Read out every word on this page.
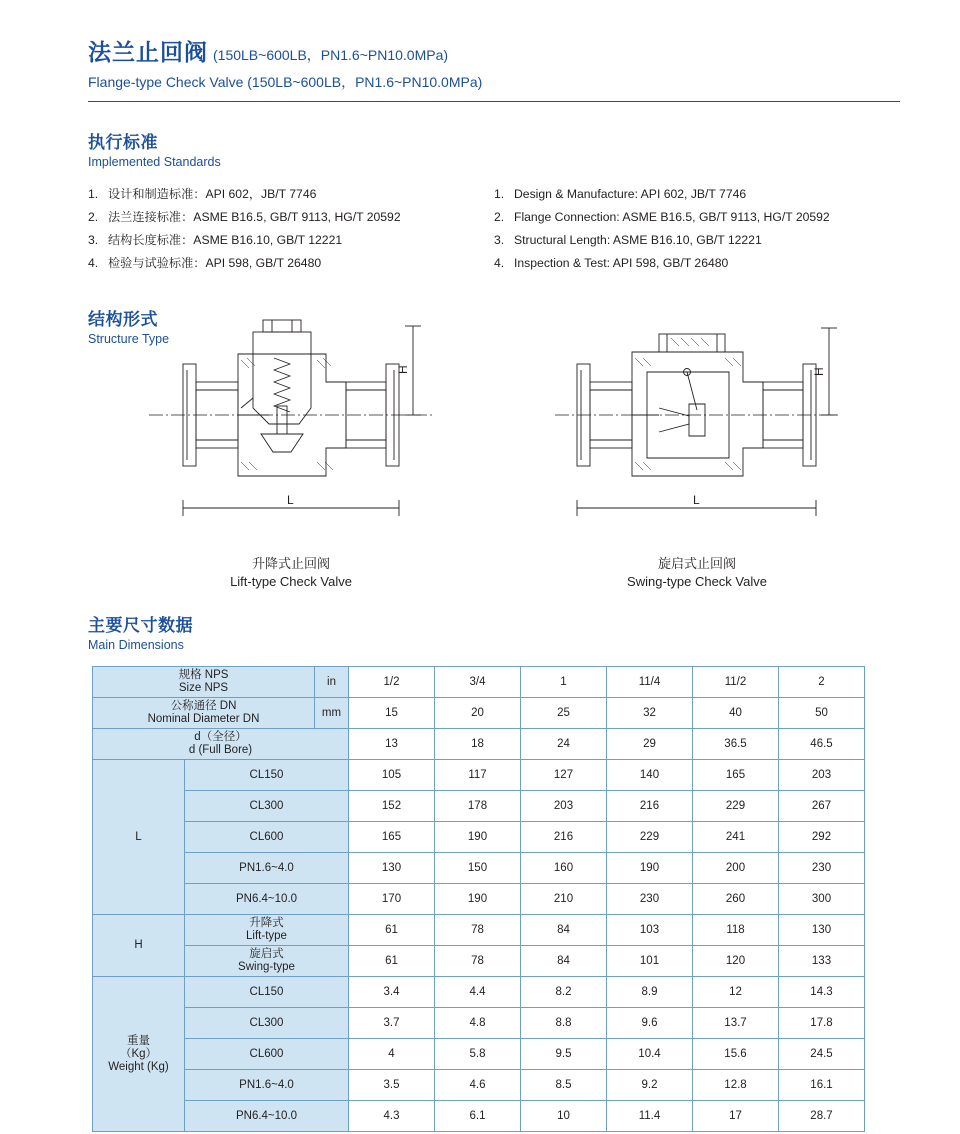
法兰止回阀 (150LB~600LB，PN1.6~PN10.0MPa)
Flange-type Check Valve (150LB~600LB，PN1.6~PN10.0MPa)
执行标准
Implemented Standards
1. 设计和制造标准：API 602，JB/T 7746
2. 法兰连接标准：ASME B16.5, GB/T 9113, HG/T 20592
3. 结构长度标准：ASME B16.10, GB/T 12221
4. 检验与试验标准：API 598, GB/T 26480
1. Design & Manufacture: API 602, JB/T 7746
2. Flange Connection: ASME B16.5, GB/T 9113, HG/T 20592
3. Structural Length: ASME B16.10, GB/T 12221
4. Inspection & Test: API 598, GB/T 26480
结构形式
Structure Type
H
L
升降式止回阀
Lift-type Check Valve
H
L
旋启式止回阀
Swing-type Check Valve
主要尺寸数据
Main Dimensions
规格 NPS
Size NPS		in	1/2	3/4	1	11/4	11/2	2

公称通径 DN
Nominal Diameter DN		mm	15	20	25	32	40	50

d（全径）
d (Full Bore)			13	18	24	29	36.5	46.5
L	CL150		105	117	127	140	165	203
	CL300		152	178	203	216	229	267
	CL600		165	190	216	229	241	292
	PN1.6~4.0		130	150	160	190	200	230
	PN6.4~10.0		170	190	210	230	260	300
H	升降式
Lift-type		61	78	84	103	118	130

	旋启式
Swing-type		61	78	84	101	120	133

重量
（Kg）
Weight (Kg)	CL150		3.4	4.4	8.2	8.9	12	14.3
	CL300		3.7	4.8	8.8	9.6	13.7	17.8
	CL600		4	5.8	9.5	10.4	15.6	24.5
	PN1.6~4.0		3.5	4.6	8.5	9.2	12.8	16.1
	PN6.4~10.0		4.3	6.1	10	11.4	17	28.7
